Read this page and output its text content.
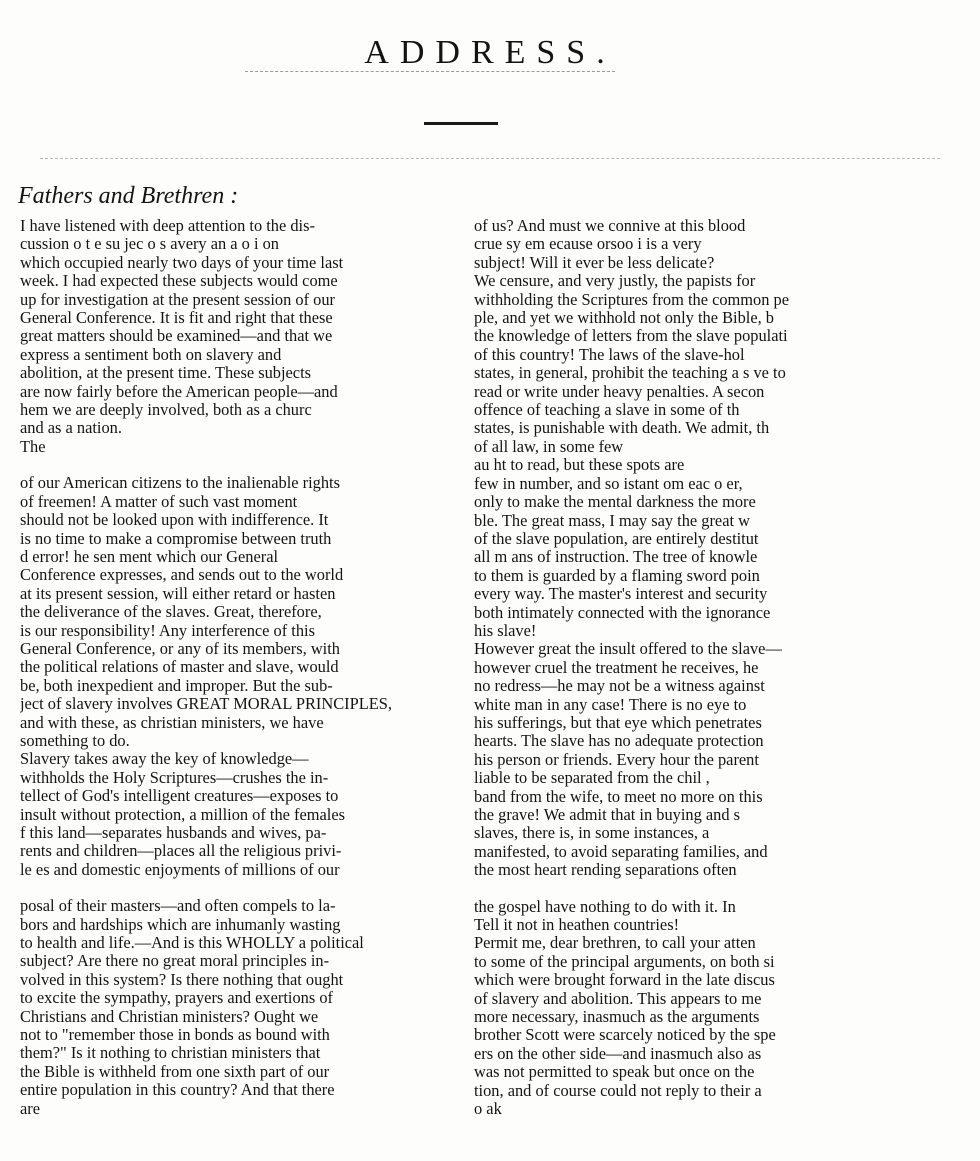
ADDRESS.
Fathers and Brethren :
I have listened with deep attention to the dis-
cussion o t e su jec o s avery an a o i on
which occupied nearly two days of your time last
week. I had expected these subjects would come
up for investigation at the present session of our
General Conference. It is fit and right that these
great matters should be examined—and that we
express a sentiment both on slavery and
abolition, at the present time. These subjects
are now fairly before the American people—and
hem we are deeply involved, both as a churc
and as a nation.
The
of our American citizens to the inalienable rights
of freemen! A matter of such vast moment
should not be looked upon with indifference. It
is no time to make a compromise between truth
d error! he sen ment which our General
Conference expresses, and sends out to the world
at its present session, will either retard or hasten
the deliverance of the slaves. Great, therefore,
is our responsibility! Any interference of this
General Conference, or any of its members, with
the political relations of master and slave, would
be, both inexpedient and improper. But the sub-
ject of slavery involves GREAT MORAL PRINCIPLES,
and with these, as christian ministers, we have
something to do.
Slavery takes away the key of knowledge—
withholds the Holy Scriptures—crushes the in-
tellect of God's intelligent creatures—exposes to
insult without protection, a million of the females
f this land—separates husbands and wives, pa-
rents and children—places all the religious privi-
le es and domestic enjoyments of millions of our
posal of their masters—and often compels to la-
bors and hardships which are inhumanly wasting
to health and life.—And is this WHOLLY a political
subject? Are there no great moral principles in-
volved in this system? Is there nothing that ought
to excite the sympathy, prayers and exertions of
Christians and Christian ministers? Ought we
not to "remember those in bonds as bound with
them?" Is it nothing to christian ministers that
the Bible is withheld from one sixth part of our
entire population in this country? And that there
are
of us? And must we connive at this blood
crue sy em ecause orsoo i is a very
subject! Will it ever be less delicate?
We censure, and very justly, the papists for
withholding the Scriptures from the common pe
ple, and yet we withhold not only the Bible, b
the knowledge of letters from the slave populati
of this country! The laws of the slave-hol
states, in general, prohibit the teaching a s ve to
read or write under heavy penalties. A secon
offence of teaching a slave in some of th
states, is punishable with death. We admit, th
of all law, in some few
au ht to read, but these spots are
few in number, and so istant om eac o er,
only to make the mental darkness the more
ble. The great mass, I may say the great w
of the slave population, are entirely destitut
all m ans of instruction. The tree of knowle
to them is guarded by a flaming sword poin
every way. The master's interest and security
both intimately connected with the ignorance
his slave!
However great the insult offered to the slave—
however cruel the treatment he receives, he
no redress—he may not be a witness against
white man in any case! There is no eye to
his sufferings, but that eye which penetrates
hearts. The slave has no adequate protection
his person or friends. Every hour the parent
liable to be separated from the chil ,
band from the wife, to meet no more on this
the grave! We admit that in buying and s
slaves, there is, in some instances, a
manifested, to avoid separating families, and
the most heart rending separations often
the gospel have nothing to do with it. In
Tell it not in heathen countries!
Permit me, dear brethren, to call your atten
to some of the principal arguments, on both si
which were brought forward in the late discus
of slavery and abolition. This appears to me
more necessary, inasmuch as the arguments
brother Scott were scarcely noticed by the spe
ers on the other side—and inasmuch also as
was not permitted to speak but once on the
tion, and of course could not reply to their a
o ak
